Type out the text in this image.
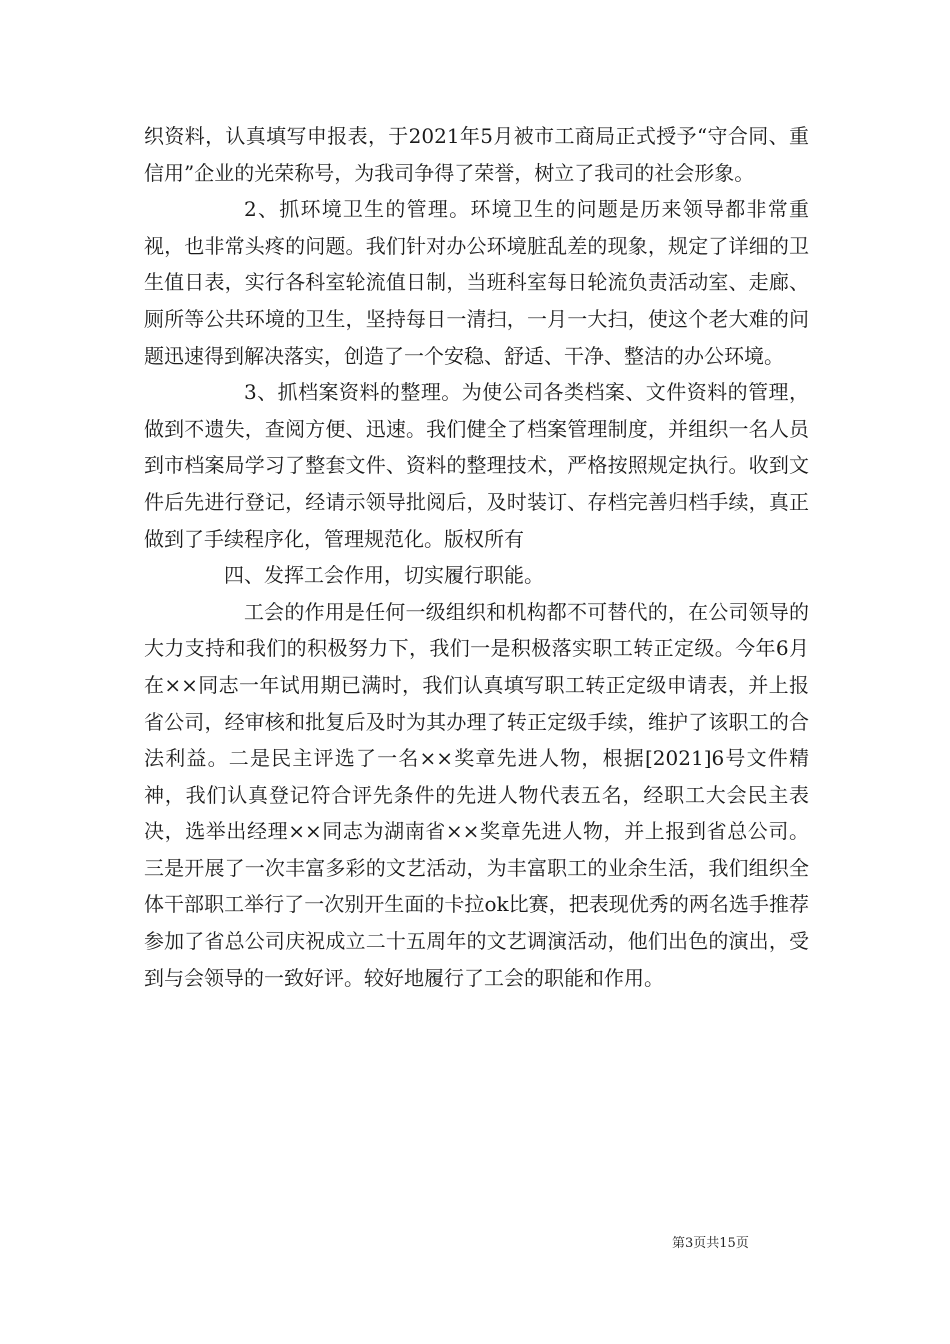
织资料，认真填写申报表，于2021年5月被市工商局正式授予“守合同、重信用”企业的光荣称号，为我司争得了荣誉，树立了我司的社会形象。

2、抓环境卫生的管理。环境卫生的问题是历来领导都非常重视，也非常头疼的问题。我们针对办公环境脏乱差的现象，规定了详细的卫生值日表，实行各科室轮流值日制，当班科室每日轮流负责活动室、走廊、厕所等公共环境的卫生，坚持每日一清扫，一月一大扫，使这个老大难的问题迅速得到解决落实，创造了一个安稳、舒适、干净、整洁的办公环境。

3、抓档案资料的整理。为使公司各类档案、文件资料的管理，做到不遗失，查阅方便、迅速。我们健全了档案管理制度，并组织一名人员到市档案局学习了整套文件、资料的整理技术，严格按照规定执行。收到文件后先进行登记，经请示领导批阅后，及时装订、存档完善归档手续，真正做到了手续程序化，管理规范化。版权所有

四、发挥工会作用，切实履行职能。

工会的作用是任何一级组织和机构都不可替代的，在公司领导的大力支持和我们的积极努力下，我们一是积极落实职工转正定级。今年6月在××同志一年试用期已满时，我们认真填写职工转正定级申请表，并上报省公司，经审核和批复后及时为其办理了转正定级手续，维护了该职工的合法利益。二是民主评选了一名××奖章先进人物，根据[2021]6号文件精神，我们认真登记符合评先条件的先进人物代表五名，经职工大会民主表决，选举出经理××同志为湖南省××奖章先进人物，并上报到省总公司。三是开展了一次丰富多彩的文艺活动，为丰富职工的业余生活，我们组织全体干部职工举行了一次别开生面的卡拉ok比赛，把表现优秀的两名选手推荐参加了省总公司庆祝成立二十五周年的文艺调演活动，他们出色的演出，受到与会领导的一致好评。较好地履行了工会的职能和作用。

第3页共15页
